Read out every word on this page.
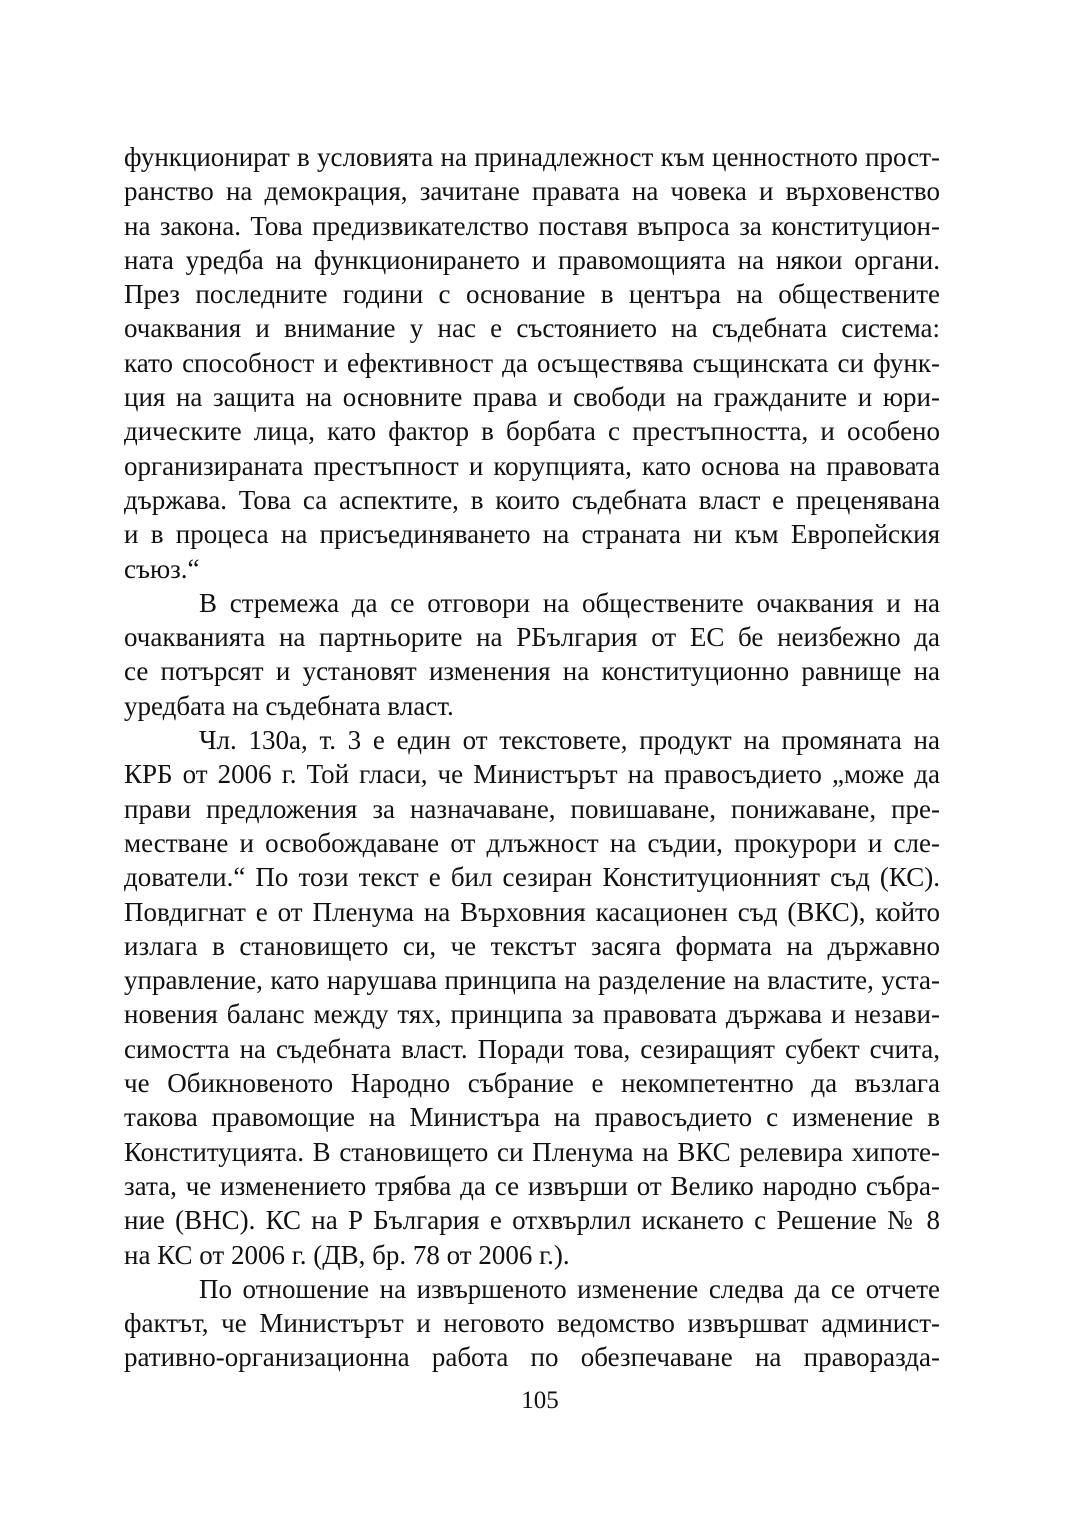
функционират в условията на принадлежност към ценностното прост-
ранство на демокрация, зачитане правата на човека и върховенство
на закона. Това предизвикателство поставя въпроса за конституцион-
ната уредба на функционирането и правомощията на някои органи.
През последните години с основание в центъра на обществените
очаквания и внимание у нас е състоянието на съдебната система:
като способност и ефективност да осъществява същинската си функ-
ция на защита на основните права и свободи на гражданите и юри-
дическите лица, като фактор в борбата с престъпността, и особено
организираната престъпност и корупцията, като основа на правовата
държава. Това са аспектите, в които съдебната власт е преценявана
и в процеса на присъединяването на страната ни към Европейския
съюз.“
В стремежа да се отговори на обществените очаквания и на
очакванията на партньорите на РБългария от ЕС бе неизбежно да
се потърсят и установят изменения на конституционно равнище на
уредбата на съдебната власт.
Чл. 130а, т. 3 е един от текстовете, продукт на промяната на
КРБ от 2006 г. Той гласи, че Министърът на правосъдието „може да
прави предложения за назначаване, повишаване, понижаване, пре-
местване и освобождаване от длъжност на съдии, прокурори и сле-
дователи.“ По този текст е бил сезиран Конституционният съд (КС).
Повдигнат е от Пленума на Върховния касационен съд (ВКС), който
излага в становището си, че текстът засяга формата на държавно
управление, като нарушава принципа на разделение на властите, уста-
новения баланс между тях, принципа за правовата държава и незави-
симостта на съдебната власт. Поради това, сезиращият субект счита,
че Обикновеното Народно събрание е некомпетентно да възлага
такова правомощие на Министъра на правосъдието с изменение в
Конституцията. В становището си Пленума на ВКС релевира хипоте-
зата, че изменението трябва да се извърши от Велико народно събра-
ние (ВНС). КС на Р България е отхвърлил искането с Решение № 8
на КС от 2006 г. (ДВ, бр. 78 от 2006 г.).
По отношение на извършеното изменение следва да се отчете
фактът, че Министърът и неговото ведомство извършват админист-
ративно-организационна работа по обезпечаване на праворазда-
105
